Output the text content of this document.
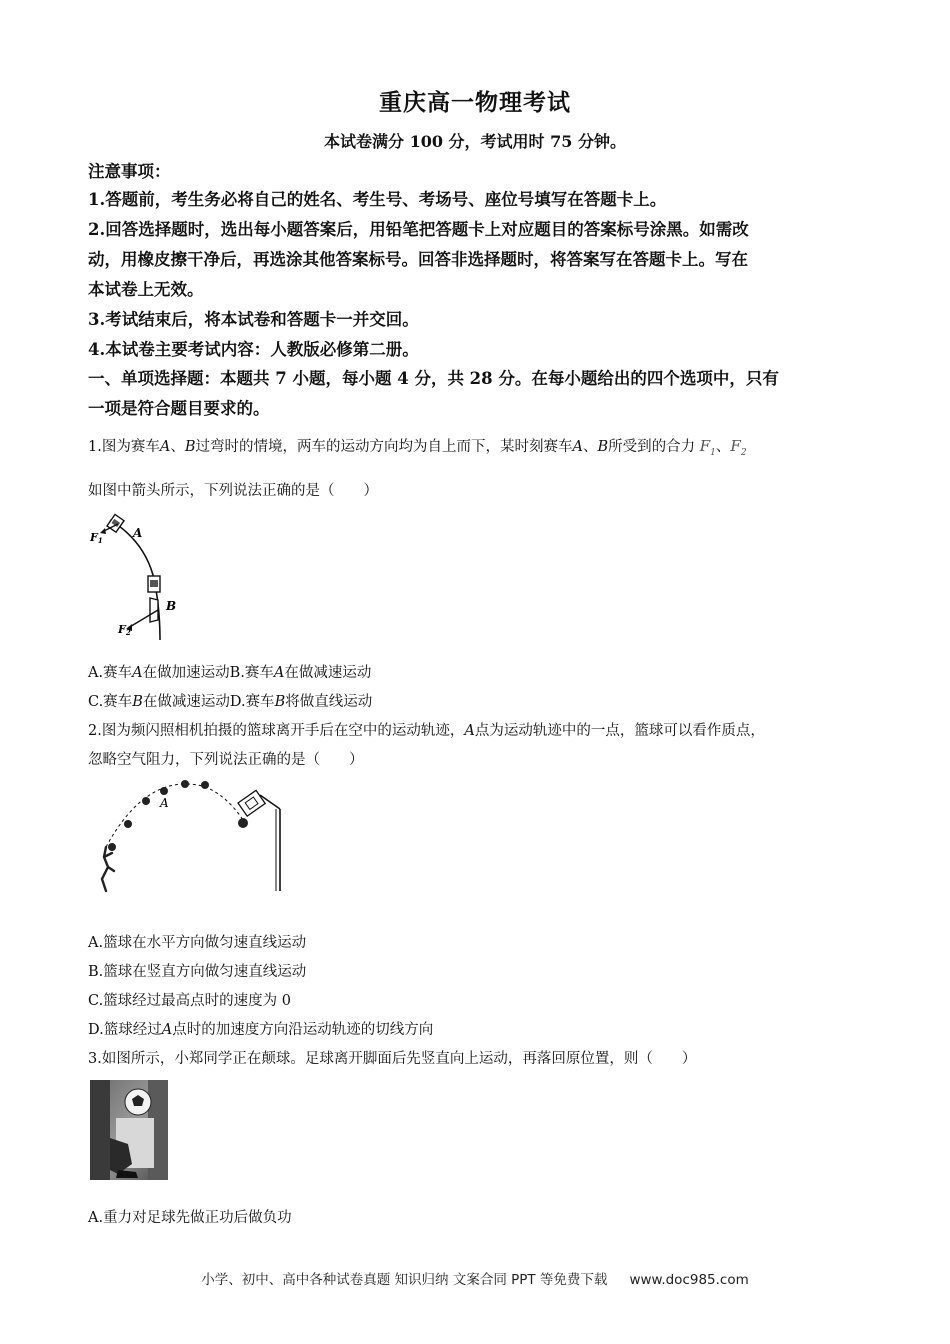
重庆高一物理考试
本试卷满分 100 分，考试用时 75 分钟。
注意事项：
1.答题前，考生务必将自己的姓名、考生号、考场号、座位号填写在答题卡上。
2.回答选择题时，选出每小题答案后，用铅笔把答题卡上对应题目的答案标号涂黑。如需改
动，用橡皮擦干净后，再选涂其他答案标号。回答非选择题时，将答案写在答题卡上。写在
本试卷上无效。
3.考试结束后，将本试卷和答题卡一并交回。
4.本试卷主要考试内容：人教版必修第二册。
一、单项选择题：本题共 7 小题，每小题 4 分，共 28 分。在每小题给出的四个选项中，只有
一项是符合题目要求的。
1.图为赛车A、B过弯时的情境，两车的运动方向均为自上而下，某时刻赛车A、B所受到的合力 $F_1$、$F_2$
如图中箭头所示，下列说法正确的是（　　）
F1
A
B
F2
A.赛车A在做加速运动B.赛车A在做减速运动
C.赛车B在做减速运动D.赛车B将做直线运动
2.图为频闪照相机拍摄的篮球离开手后在空中的运动轨迹，A点为运动轨迹中的一点，篮球可以看作质点，
忽略空气阻力，下列说法正确的是（　　）
A
A.篮球在水平方向做匀速直线运动
B.篮球在竖直方向做匀速直线运动
C.篮球经过最高点时的速度为 0
D.篮球经过A点时的加速度方向沿运动轨迹的切线方向
3.如图所示，小郑同学正在颠球。足球离开脚面后先竖直向上运动，再落回原位置，则（　　）
A.重力对足球先做正功后做负功
小学、初中、高中各种试卷真题 知识归纳 文案合同 PPT 等免费下载 www.doc985.com
